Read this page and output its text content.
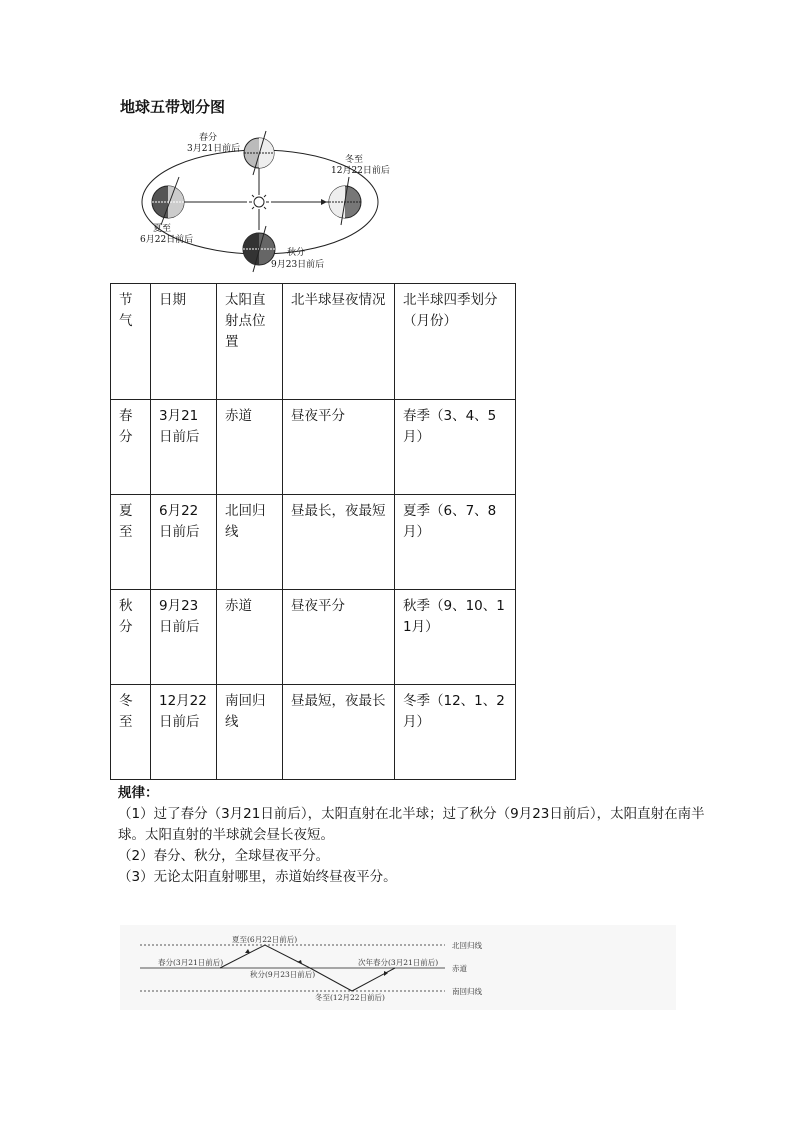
地球五带划分图
春分
3月21日前后
冬至
12月22日前后
夏至
6月22日前后
秋分
9月23日前后
节气	日期	太阳直射点位置	北半球昼夜情况	北半球四季划分（月份）
春分	3月21日前后	赤道	昼夜平分	春季（3、4、5月）
夏至	6月22日前后	北回归线	昼最长，夜最短	夏季（6、7、8月）
秋分	9月23日前后	赤道	昼夜平分	秋季（9、10、11月）
冬至	12月22日前后	南回归线	昼最短，夜最长	冬季（12、1、2月）
规律：

（1）过了春分（3月21日前后），太阳直射在北半球；过了秋分（9月23日前后），太阳直射在南半球。太阳直射的半球就会昼长夜短。

（2）春分、秋分，全球昼夜平分。

（3）无论太阳直射哪里，赤道始终昼夜平分。

夏至(6月22日前后)
春分(3月21日前后)
秋分(9月23日前后)
冬至(12月22日前后)
次年春分(3月21日前后)
北回归线
赤道
南回归线
